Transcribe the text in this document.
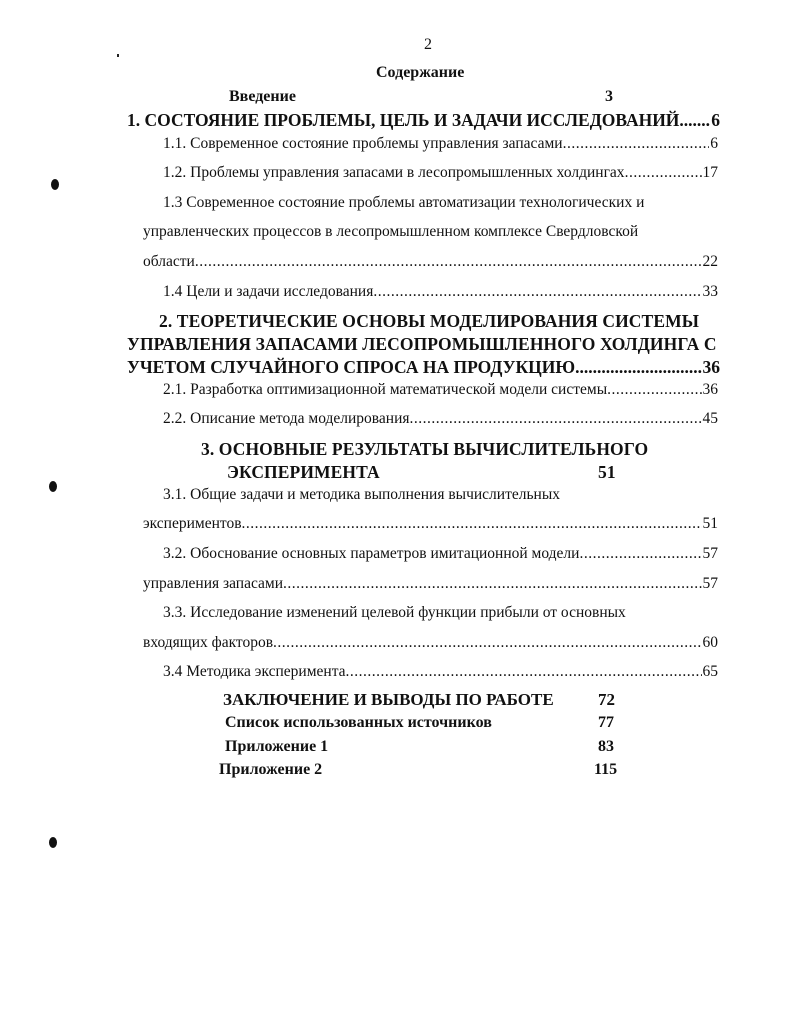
2
Содержание
Введение	3
1. СОСТОЯНИЕ ПРОБЛЕМЫ, ЦЕЛЬ И ЗАДАЧИ ИССЛЕДОВАНИЙ ..... 6
1.1. Современное состояние проблемы управления запасами .....	6
1.2. Проблемы управления запасами в лесопромышленных холдингах .....	17
1.3 Современное состояние проблемы автоматизации технологических и
управленческих процессов в лесопромышленном комплексе Свердловской
области .....	22
1.4 Цели и задачи исследования .....	33
2. ТЕОРЕТИЧЕСКИЕ ОСНОВЫ МОДЕЛИРОВАНИЯ СИСТЕМЫ
УПРАВЛЕНИЯ ЗАПАСАМИ ЛЕСОПРОМЫШЛЕННОГО ХОЛДИНГА С
УЧЕТОМ СЛУЧАЙНОГО СПРОСА НА ПРОДУКЦИЮ .....	36
2.1. Разработка оптимизационной математической модели системы .....	36
2.2. Описание метода моделирования .....	45
3. ОСНОВНЫЕ РЕЗУЛЬТАТЫ ВЫЧИСЛИТЕЛЬНОГО
ЭКСПЕРИМЕНТА	51
3.1. Общие задачи и методика выполнения вычислительных
экспериментов .....	51
3.2. Обоснование основных параметров имитационной модели .....	57
управления запасами .....	57
3.3. Исследование изменений целевой функции прибыли от основных
входящих факторов .....	60
3.4 Методика эксперимента .....	65
ЗАКЛЮЧЕНИЕ И ВЫВОДЫ ПО РАБОТЕ	72
Список использованных источников	77
Приложение 1	83
Приложение 2	115
